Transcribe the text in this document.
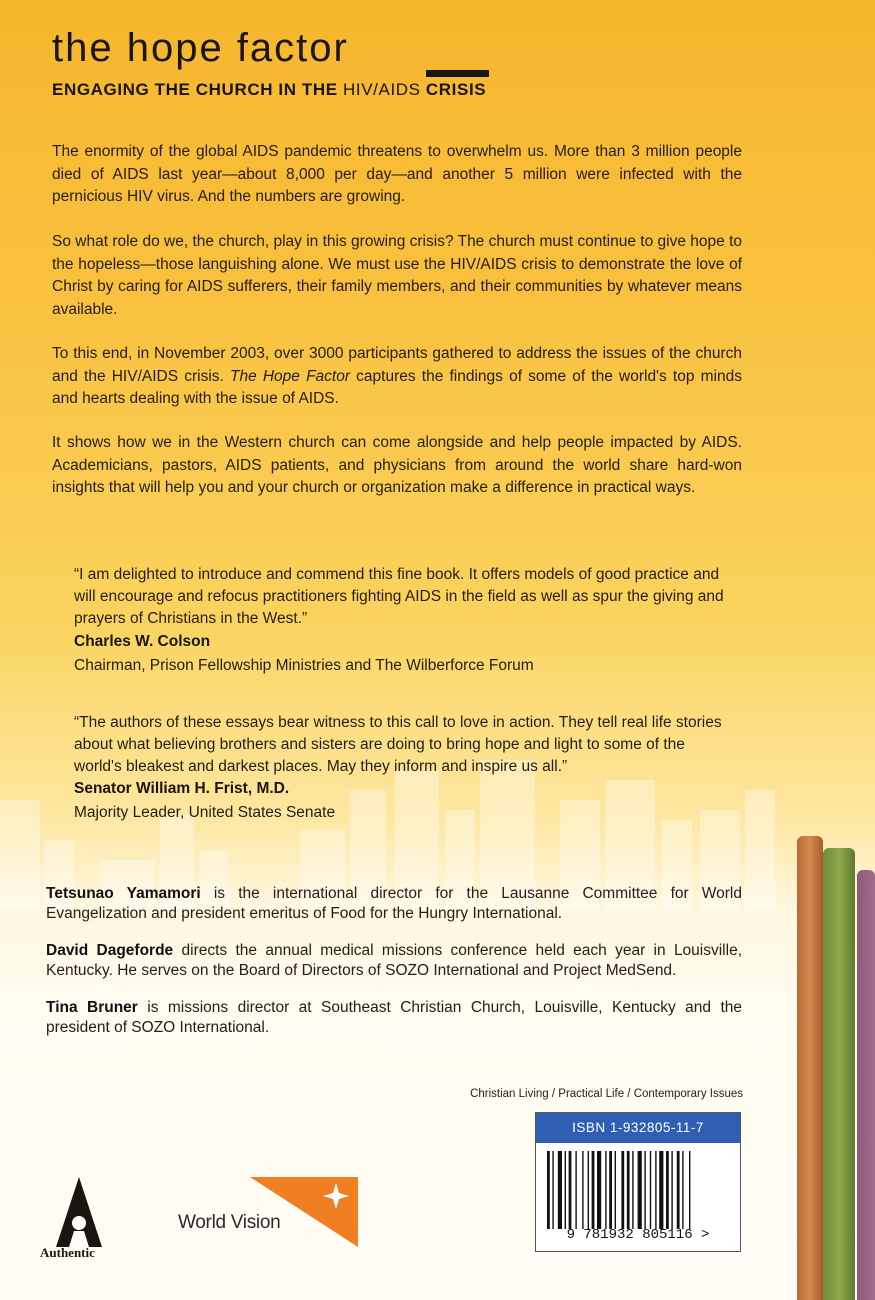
the hope factor
ENGAGING THE CHURCH IN THE HIV/AIDS CRISIS

The enormity of the global AIDS pandemic threatens to overwhelm us. More than 3 million people died of AIDS last year—about 8,000 per day—and another 5 million were infected with the pernicious HIV virus. And the numbers are growing.

So what role do we, the church, play in this growing crisis? The church must continue to give hope to the hopeless—those languishing alone. We must use the HIV/AIDS crisis to demonstrate the love of Christ by caring for AIDS sufferers, their family members, and their communities by whatever means available.

To this end, in November 2003, over 3000 participants gathered to address the issues of the church and the HIV/AIDS crisis. The Hope Factor captures the findings of some of the world's top minds and hearts dealing with the issue of AIDS.

It shows how we in the Western church can come alongside and help people impacted by AIDS. Academicians, pastors, AIDS patients, and physicians from around the world share hard-won insights that will help you and your church or organization make a difference in practical ways.

“I am delighted to introduce and commend this fine book. It offers models of good practice and will encourage and refocus practitioners fighting AIDS in the field as well as spur the giving and prayers of Christians in the West.”

Charles W. Colson

Chairman, Prison Fellowship Ministries and The Wilberforce Forum

“The authors of these essays bear witness to this call to love in action. They tell real life stories about what believing brothers and sisters are doing to bring hope and light to some of the world's bleakest and darkest places. May they inform and inspire us all.”

Senator William H. Frist, M.D.

Majority Leader, United States Senate

Tetsunao Yamamori is the international director for the Lausanne Committee for World Evangelization and president emeritus of Food for the Hungry International.

David Dageforde directs the annual medical missions conference held each year in Louisville, Kentucky. He serves on the Board of Directors of SOZO International and Project MedSend.

Tina Bruner is missions director at Southeast Christian Church, Louisville, Kentucky and the president of SOZO International.

Christian Living / Practical Life / Contemporary Issues

ISBN 1-932805-11-7
9 781932 805116 >

Authentic

World Vision
